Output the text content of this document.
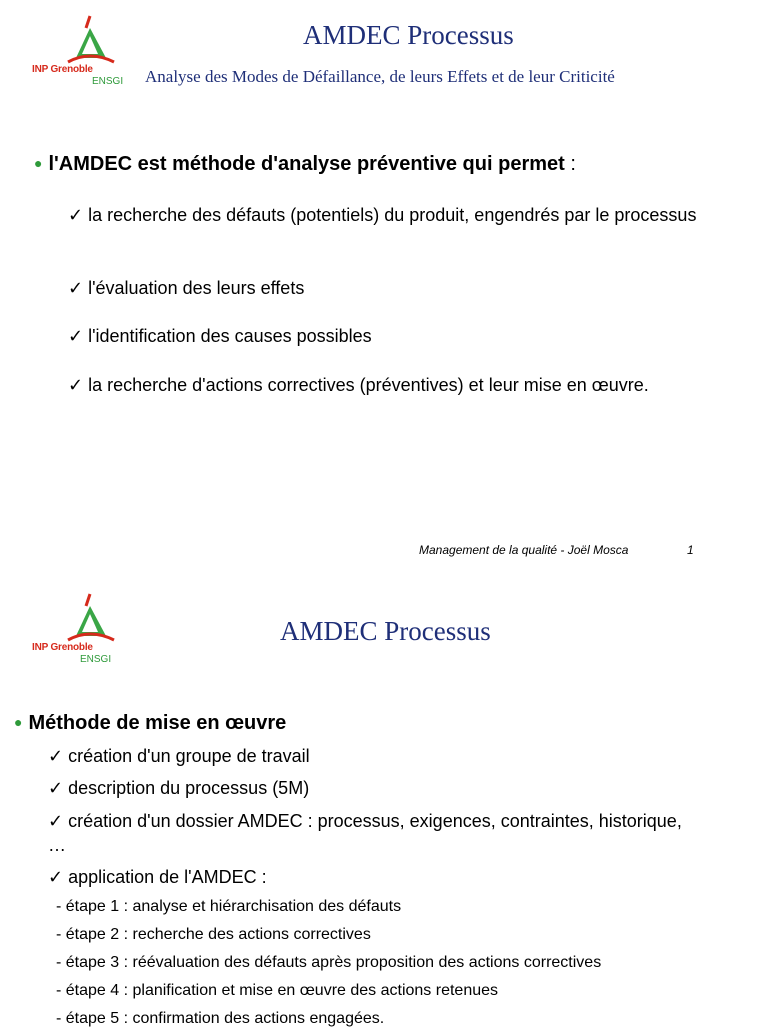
INP Grenoble
ENSGI
AMDEC Processus
Analyse des Modes de Défaillance, de leurs Effets et de leur Criticité
● l'AMDEC est méthode d'analyse préventive qui permet :
✓ la recherche des défauts (potentiels) du produit, engendrés par le processus
✓ l'évaluation des leurs effets
✓ l'identification des causes possibles
✓ la recherche d'actions correctives (préventives) et leur mise en œuvre.
Management de la qualité - Joël Mosca	1
INP Grenoble
ENSGI
AMDEC Processus
● Méthode de mise en œuvre
✓ création d'un groupe de travail
✓ description du processus (5M)
✓ création d'un dossier AMDEC : processus, exigences, contraintes, historique, …
✓ application de l'AMDEC :
- étape 1 : analyse et hiérarchisation des défauts
- étape 2 : recherche des actions correctives
- étape 3 : réévaluation des défauts après proposition des actions correctives
- étape 4 : planification et mise en œuvre des actions retenues
- étape 5 : confirmation des actions engagées.
